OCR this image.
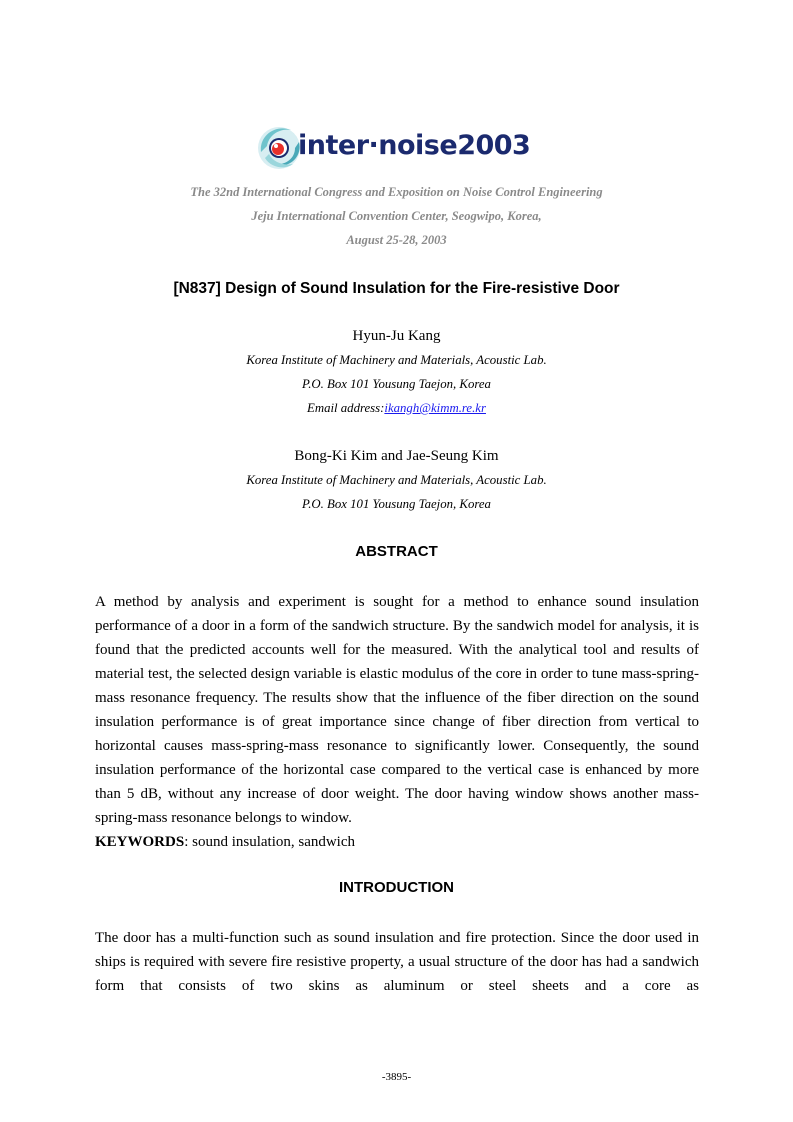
inter·noise2003
The 32nd International Congress and Exposition on Noise Control Engineering
Jeju International Convention Center, Seogwipo, Korea,
August 25-28, 2003
[N837] Design of Sound Insulation for the Fire-resistive Door
Hyun-Ju Kang
Korea Institute of Machinery and Materials, Acoustic Lab.
P.O. Box 101 Yousung Taejon, Korea
Email address:ikangh@kimm.re.kr
Bong-Ki Kim and Jae-Seung Kim
Korea Institute of Machinery and Materials, Acoustic Lab.
P.O. Box 101 Yousung Taejon, Korea
ABSTRACT

A method by analysis and experiment is sought for a method to enhance sound insulation performance of a door in a form of the sandwich structure. By the sandwich model for analysis, it is found that the predicted accounts well for the measured. With the analytical tool and results of material test, the selected design variable is elastic modulus of the core in order to tune mass-spring-mass resonance frequency. The results show that the influence of the fiber direction on the sound insulation performance is of great importance since change of fiber direction from vertical to horizontal causes mass-spring-mass resonance to significantly lower. Consequently, the sound insulation performance of the horizontal case compared to the vertical case is enhanced by more than 5 dB, without any increase of door weight. The door having window shows another mass-spring-mass resonance belongs to window.

KEYWORDS: sound insulation, sandwich
INTRODUCTION

The door has a multi-function such as sound insulation and fire protection. Since the door used in ships is required with severe fire resistive property, a usual structure of the door has had a sandwich form that consists of two skins as aluminum or steel sheets and a core as

-3895-
